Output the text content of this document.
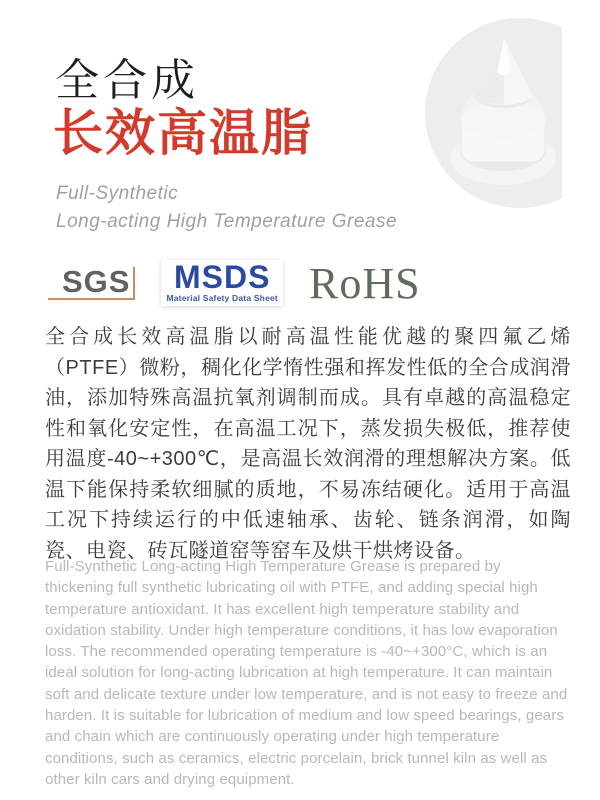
全合成
长效高温脂
Full-Synthetic
Long-acting High Temperature Grease
SGS MSDS
Material Safety Data Sheet RoHS

全合成长效高温脂以耐高温性能优越的聚四氟乙烯（PTFE）微粉，稠化化学惰性强和挥发性低的全合成润滑油，添加特殊高温抗氧剂调制而成。具有卓越的高温稳定性和氧化安定性，在高温工况下，蒸发损失极低，推荐使用温度-40~+300℃，是高温长效润滑的理想解决方案。低温下能保持柔软细腻的质地，不易冻结硬化。适用于高温工况下持续运行的中低速轴承、齿轮、链条润滑，如陶瓷、电瓷、砖瓦隧道窑等窑车及烘干烘烤设备。

Full-Synthetic Long-acting High Temperature Grease is prepared by thickening full synthetic lubricating oil with PTFE, and adding special high temperature antioxidant. It has excellent high temperature stability and oxidation stability. Under high temperature conditions, it has low evaporation loss. The recommended operating temperature is -40~+300°C, which is an ideal solution for long-acting lubrication at high temperature. It can maintain soft and delicate texture under low temperature, and is not easy to freeze and harden. It is suitable for lubrication of medium and low speed bearings, gears and chain which are continuously operating under high temperature conditions, such as ceramics, electric porcelain, brick tunnel kiln as well as other kiln cars and drying equipment.
